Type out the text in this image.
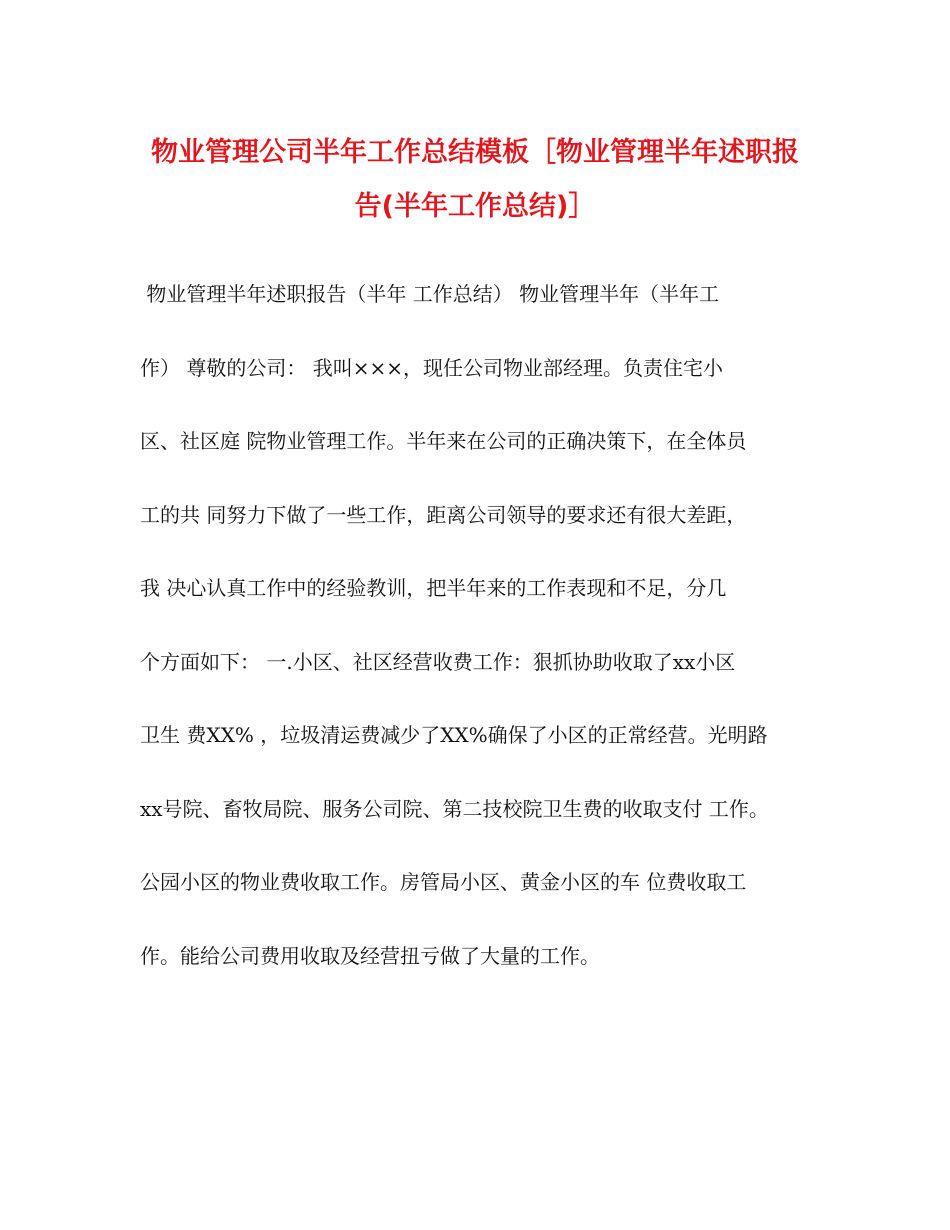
物业管理公司半年工作总结模板［物业管理半年述职报
告(半年工作总结)］
物业管理半年述职报告（半年 工作总结） 物业管理半年（半年工
作） 尊敬的公司： 我叫×××，现任公司物业部经理。负责住宅小
区、社区庭 院物业管理工作。半年来在公司的正确决策下，在全体员
工的共 同努力下做了一些工作，距离公司领导的要求还有很大差距，
我 决心认真工作中的经验教训，把半年来的工作表现和不足，分几
个方面如下： 一.小区、社区经营收费工作：狠抓协助收取了xx小区
卫生 费XX% ，垃圾清运费减少了XX%确保了小区的正常经营。光明路
xx号院、畜牧局院、服务公司院、第二技校院卫生费的收取支付 工作。
公园小区的物业费收取工作。房管局小区、黄金小区的车 位费收取工
作。能给公司费用收取及经营扭亏做了大量的工作。
